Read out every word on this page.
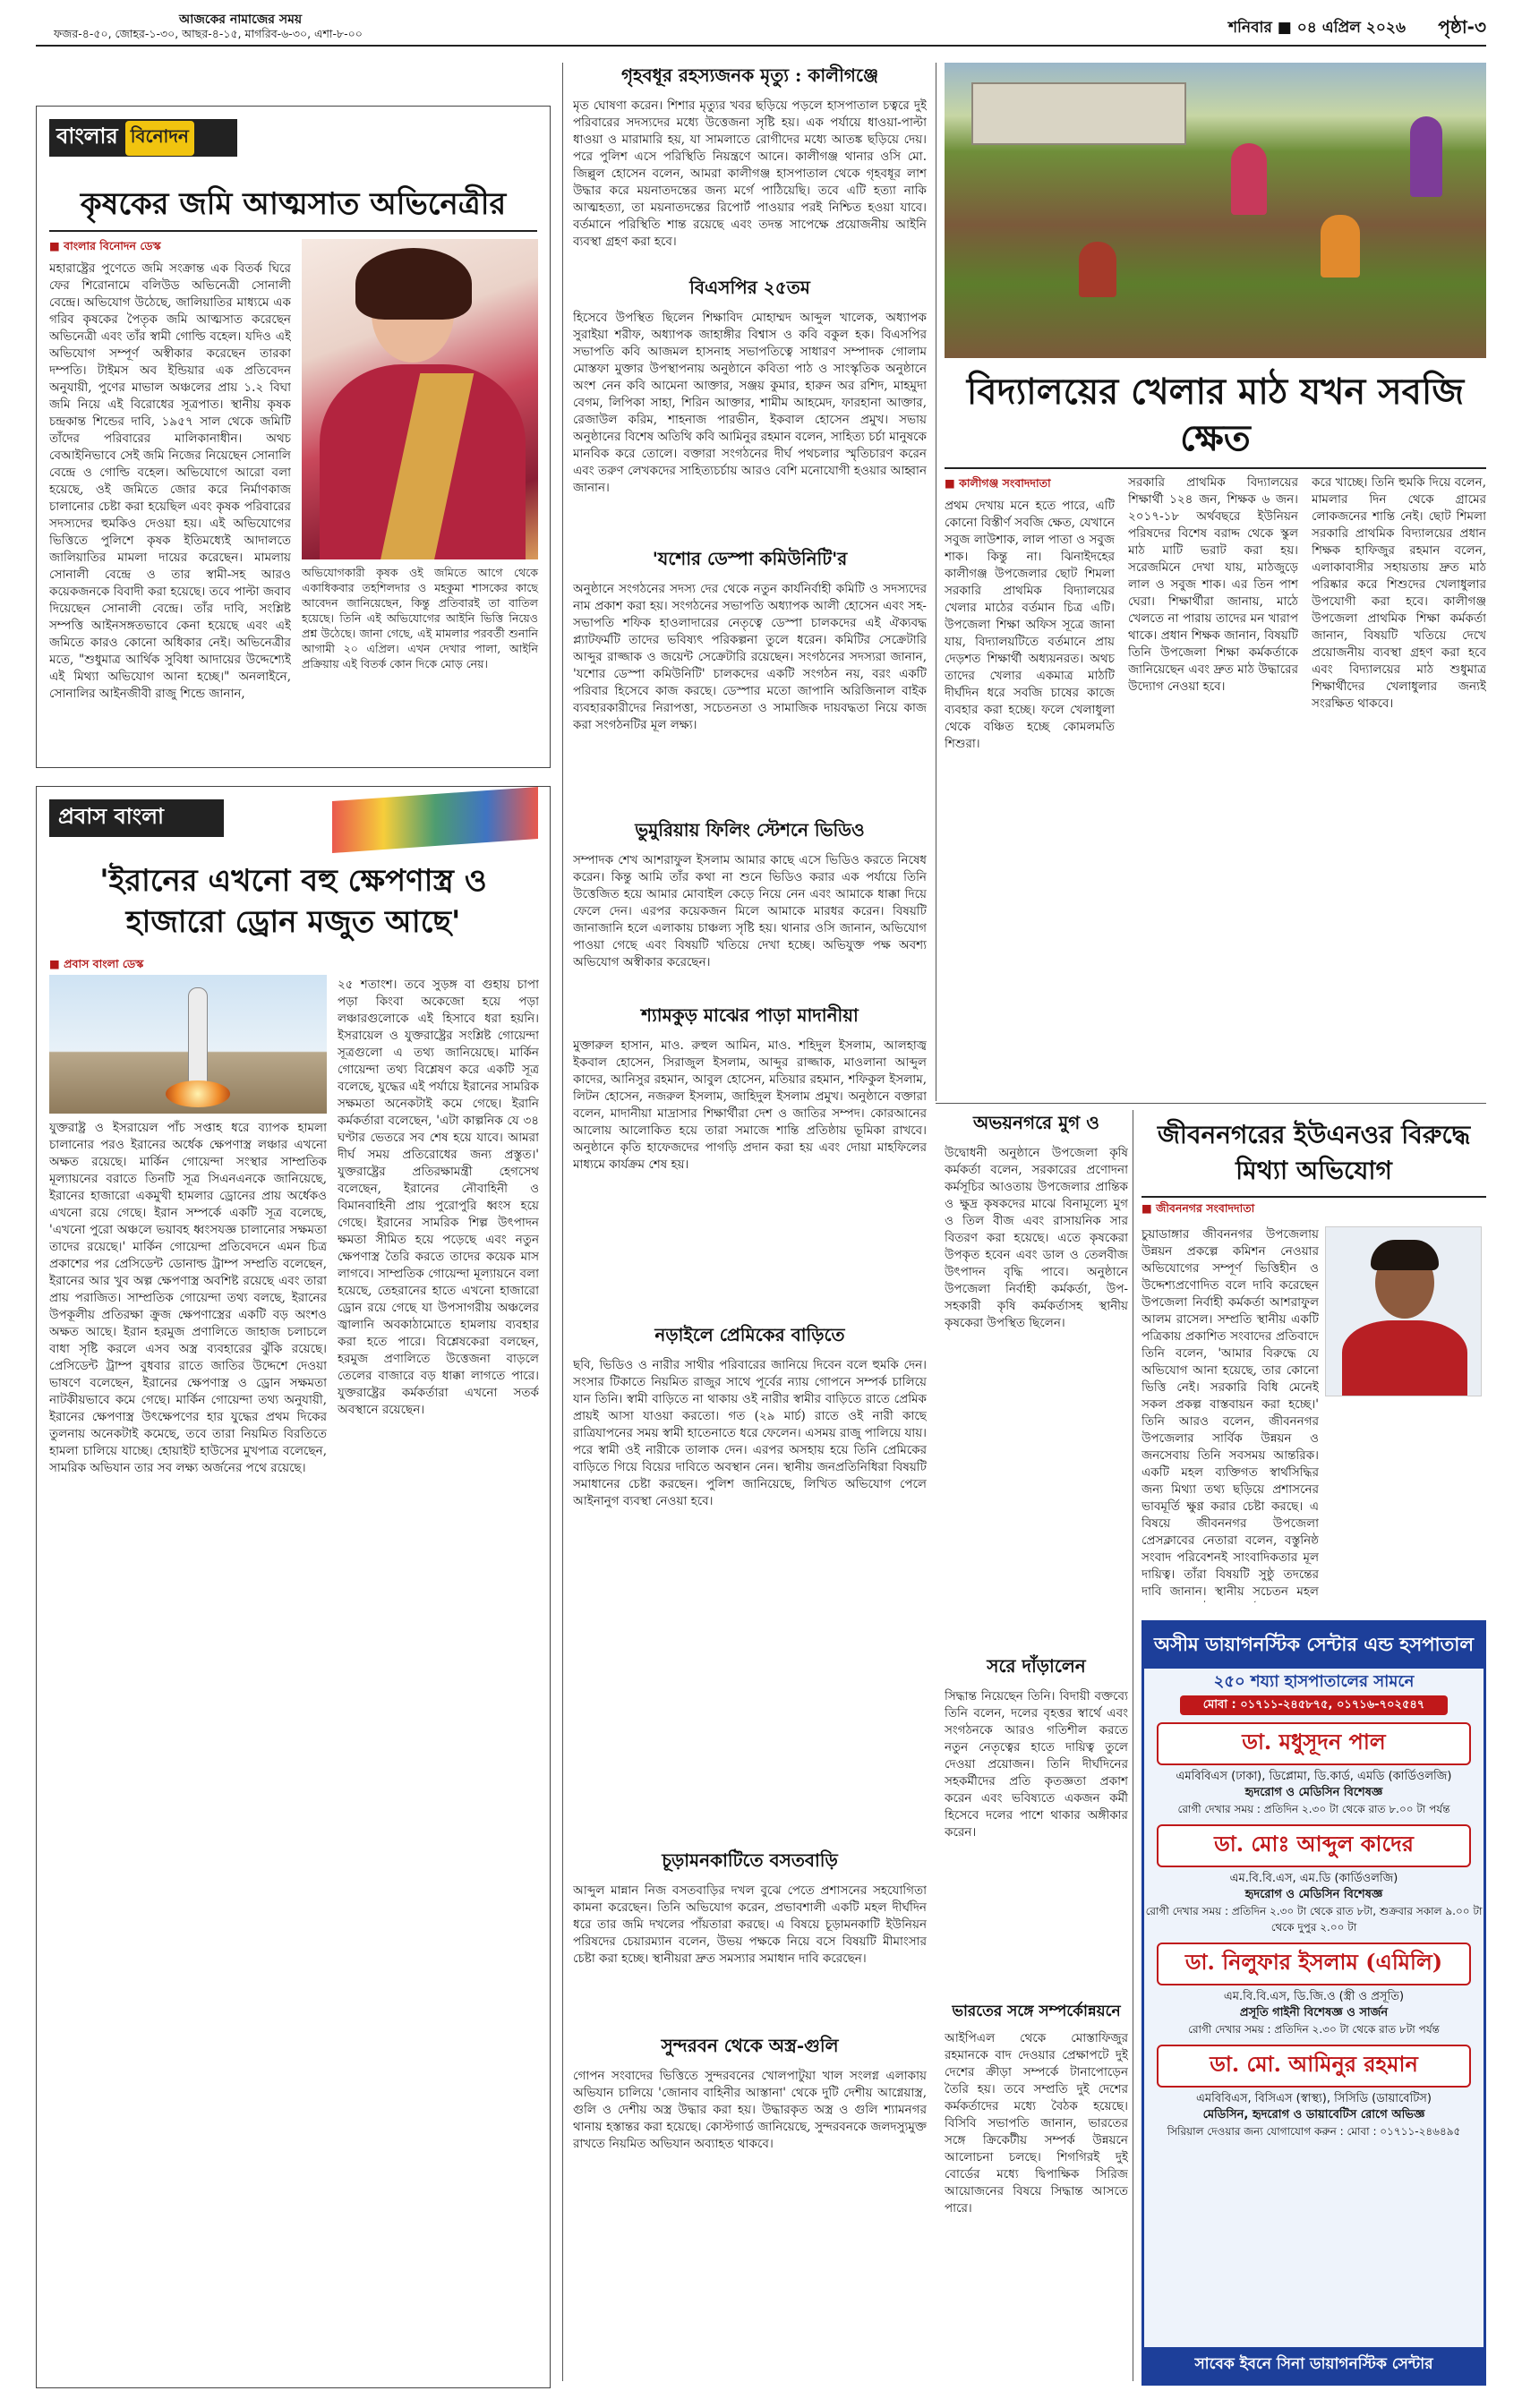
আজকের নামাজের সময়
ফজর-৪-৫০, জোহর-১-৩০, আছর-৪-১৫, মাগরিব-৬-৩০, এশা-৮-০০	শনিবার ■ ০৪ এপ্রিল ২০২৬ পৃষ্ঠা-৩
বাংলার বিনোদন
কৃষকের জমি আত্মসাত অভিনেত্রীর
■ বাংলার বিনোদন ডেস্ক
মহারাষ্ট্রের পুণেতে জমি সংক্রান্ত এক বিতর্ক ঘিরে ফের শিরোনামে বলিউড অভিনেত্রী সোনালী বেন্দ্রে। অভিযোগ উঠেছে, জালিয়াতির মাধ্যমে এক গরিব কৃষকের পৈতৃক জমি আত্মসাত করেছেন অভিনেত্রী এবং তাঁর স্বামী গোল্ডি বহেল। যদিও এই অভিযোগ সম্পূর্ণ অস্বীকার করেছেন তারকা দম্পতি। টাইমস অব ইন্ডিয়ার এক প্রতিবেদন অনুযায়ী, পুণের মাভাল অঞ্চলের প্রায় ১.২ বিঘা জমি নিয়ে এই বিরোধের সূত্রপাত। স্থানীয় কৃষক চন্দ্রকান্ত শিন্ডের দাবি, ১৯৫৭ সাল থেকে জমিটি তাঁদের পরিবারের মালিকানাধীন। অথচ বেআইনিভাবে সেই জমি নিজের নিয়েছেন সোনালি বেন্দ্রে ও গোল্ডি বহেল। অভিযোগে আরো বলা হয়েছে, ওই জমিতে জোর করে নির্মাণকাজ চালানোর চেষ্টা করা হয়েছিল এবং কৃষক পরিবারের সদস্যদের হুমকিও দেওয়া হয়। এই অভিযোগের ভিত্তিতে পুলিশে কৃষক ইতিমধ্যেই আদালতে জালিয়াতির মামলা দায়ের করেছেন। মামলায় সোনালী বেন্দ্রে ও তার স্বামী-সহ আরও কয়েকজনকে বিবাদী করা হয়েছে। তবে পাল্টা জবাব দিয়েছেন সোনালী বেন্দ্রে। তাঁর দাবি, সংশ্লিষ্ট সম্পত্তি আইনসঙ্গতভাবে কেনা হয়েছে এবং এই জমিতে কারও কোনো অধিকার নেই। অভিনেত্রীর মতে, "শুধুমাত্র আর্থিক সুবিধা আদায়ের উদ্দেশ্যেই এই মিথ্যা অভিযোগ আনা হচ্ছে।" অনলাইনে, সোনালির আইনজীবী রাজু শিন্ডে জানান,
অভিযোগকারী কৃষক ওই জমিতে আগে থেকে একাধিকবার তহশিলদার ও মহকুমা শাসকের কাছে আবেদন জানিয়েছেন, কিন্তু প্রতিবারই তা বাতিল হয়েছে। তিনি এই অভিযোগের আইনি ভিত্তি নিয়েও প্রশ্ন উঠেছে। জানা গেছে, এই মামলার পরবর্তী শুনানি আগামী ২০ এপ্রিল। এখন দেখার পালা, আইনি প্রক্রিয়ায় এই বিতর্ক কোন দিকে মোড় নেয়।
প্রবাস বাংলা
'ইরানের এখনো বহু ক্ষেপণাস্ত্র ও হাজারো ড্রোন মজুত আছে'
■ প্রবাস বাংলা ডেস্ক
যুক্তরাষ্ট্র ও ইসরায়েল পাঁচ সপ্তাহ ধরে ব্যাপক হামলা চালানোর পরও ইরানের অর্ধেক ক্ষেপণাস্ত্র লঞ্চার এখনো অক্ষত রয়েছে। মার্কিন গোয়েন্দা সংস্থার সাম্প্রতিক মূল্যায়নের বরাতে তিনটি সূত্র সিএনএনকে জানিয়েছে, ইরানের হাজারো একমুখী হামলার ড্রোনের প্রায় অর্ধেকও এখনো রয়ে গেছে। ইরান সম্পর্কে একটি সূত্র বলেছে, 'এখনো পুরো অঞ্চলে ভয়াবহ ধ্বংসযজ্ঞ চালানোর সক্ষমতা তাদের রয়েছে।' মার্কিন গোয়েন্দা প্রতিবেদনে এমন চিত্র প্রকাশের পর প্রেসিডেন্ট ডোনাল্ড ট্রাম্প সম্প্রতি বলেছেন, ইরানের আর খুব অল্প ক্ষেপণাস্ত্র অবশিষ্ট রয়েছে এবং তারা প্রায় পরাজিত। সাম্প্রতিক গোয়েন্দা তথ্য বলছে, ইরানের উপকূলীয় প্রতিরক্ষা ক্রুজ ক্ষেপণাস্ত্রের একটি বড় অংশও অক্ষত আছে। ইরান হরমুজ প্রণালিতে জাহাজ চলাচলে বাধা সৃষ্টি করলে এসব অস্ত্র ব্যবহারের ঝুঁকি রয়েছে। প্রেসিডেন্ট ট্রাম্প বুধবার রাতে জাতির উদ্দেশে দেওয়া ভাষণে বলেছেন, ইরানের ক্ষেপণাস্ত্র ও ড্রোন সক্ষমতা নাটকীয়ভাবে কমে গেছে। মার্কিন গোয়েন্দা তথ্য অনুযায়ী, ইরানের ক্ষেপণাস্ত্র উৎক্ষেপণের হার যুদ্ধের প্রথম দিকের তুলনায় অনেকটাই কমেছে, তবে তারা নিয়মিত বিরতিতে হামলা চালিয়ে যাচ্ছে। হোয়াইট হাউসের মুখপাত্র বলেছেন, সামরিক অভিযান তার সব লক্ষ্য অর্জনের পথে রয়েছে।
২৫ শতাংশ। তবে সুড়ঙ্গ বা গুহায় চাপা পড়া কিংবা অকেজো হয়ে পড়া লঞ্চারগুলোকে এই হিসাবে ধরা হয়নি। ইসরায়েল ও যুক্তরাষ্ট্রের সংশ্লিষ্ট গোয়েন্দা সূত্রগুলো এ তথ্য জানিয়েছে। মার্কিন গোয়েন্দা তথ্য বিশ্লেষণ করে একটি সূত্র বলেছে, যুদ্ধের এই পর্যায়ে ইরানের সামরিক সক্ষমতা অনেকটাই কমে গেছে। ইরানি কর্মকর্তারা বলেছেন, 'এটা কাল্পনিক যে ৩৪ ঘণ্টার ভেতরে সব শেষ হয়ে যাবে। আমরা দীর্ঘ সময় প্রতিরোধের জন্য প্রস্তুত।' যুক্তরাষ্ট্রের প্রতিরক্ষামন্ত্রী হেগসেথ বলেছেন, ইরানের নৌবাহিনী ও বিমানবাহিনী প্রায় পুরোপুরি ধ্বংস হয়ে গেছে। ইরানের সামরিক শিল্প উৎপাদন ক্ষমতা সীমিত হয়ে পড়েছে এবং নতুন ক্ষেপণাস্ত্র তৈরি করতে তাদের কয়েক মাস লাগবে। সাম্প্রতিক গোয়েন্দা মূল্যায়নে বলা হয়েছে, তেহরানের হাতে এখনো হাজারো ড্রোন রয়ে গেছে যা উপসাগরীয় অঞ্চলের জ্বালানি অবকাঠামোতে হামলায় ব্যবহার করা হতে পারে। বিশ্লেষকেরা বলছেন, হরমুজ প্রণালিতে উত্তেজনা বাড়লে তেলের বাজারে বড় ধাক্কা লাগতে পারে। যুক্তরাষ্ট্রের কর্মকর্তারা এখনো সতর্ক অবস্থানে রয়েছেন।
গৃহবধূর রহস্যজনক মৃত্যু : কালীগঞ্জে
মৃত ঘোষণা করেন। শিশার মৃত্যুর খবর ছড়িয়ে পড়লে হাসপাতাল চত্বরে দুই পরিবারের সদস্যদের মধ্যে উত্তেজনা সৃষ্টি হয়। এক পর্যায়ে ধাওয়া-পাল্টা ধাওয়া ও মারামারি হয়, যা সামলাতে রোগীদের মধ্যে আতঙ্ক ছড়িয়ে দেয়। পরে পুলিশ এসে পরিস্থিতি নিয়ন্ত্রণে আনে। কালীগঞ্জ থানার ওসি মো. জিল্লুল হোসেন বলেন, আমরা কালীগঞ্জ হাসপাতাল থেকে গৃহবধূর লাশ উদ্ধার করে ময়নাতদন্তের জন্য মর্গে পাঠিয়েছি। তবে এটি হত্যা নাকি আত্মহত্যা, তা ময়নাতদন্তের রিপোর্ট পাওয়ার পরই নিশ্চিত হওয়া যাবে। বর্তমানে পরিস্থিতি শান্ত রয়েছে এবং তদন্ত সাপেক্ষে প্রয়োজনীয় আইনি ব্যবস্থা গ্রহণ করা হবে।
বিএসপির ২৫তম
হিসেবে উপস্থিত ছিলেন শিক্ষাবিদ মোহাম্মদ আব্দুল খালেক, অধ্যাপক সুরাইয়া শরীফ, অধ্যাপক জাহাঙ্গীর বিশ্বাস ও কবি বকুল হক। বিএসপির সভাপতি কবি আজমল হাসনাহ সভাপতিত্বে সাধারণ সম্পাদক গোলাম মোস্তফা মুক্তার উপস্থাপনায় অনুষ্ঠানে কবিতা পাঠ ও সাংস্কৃতিক অনুষ্ঠানে অংশ নেন কবি আমেনা আক্তার, সঞ্জয় কুমার, হারুন অর রশিদ, মাহমুদা বেগম, লিপিকা সাহা, শিরিন আক্তার, শামীম আহমেদ, ফারহানা আক্তার, রেজাউল করিম, শাহনাজ পারভীন, ইকবাল হোসেন প্রমুখ। সভায় অনুষ্ঠানের বিশেষ অতিথি কবি আমিনুর রহমান বলেন, সাহিত্য চর্চা মানুষকে মানবিক করে তোলে। বক্তারা সংগঠনের দীর্ঘ পথচলার স্মৃতিচারণ করেন এবং তরুণ লেখকদের সাহিত্যচর্চায় আরও বেশি মনোযোগী হওয়ার আহ্বান জানান।
'যশোর ডেস্পা কমিউনিটি'র
অনুষ্ঠানে সংগঠনের সদস্য দের থেকে নতুন কার্যনির্বাহী কমিটি ও সদস্যদের নাম প্রকাশ করা হয়। সংগঠনের সভাপতি অধ্যাপক আলী হোসেন এবং সহ-সভাপতি শফিক হাওলাদারের নেতৃত্বে ডেস্পা চালকদের এই ঐক্যবদ্ধ প্ল্যাটফর্মটি তাদের ভবিষ্যৎ পরিকল্পনা তুলে ধরেন। কমিটির সেক্রেটারি আব্দুর রাজ্জাক ও জয়েন্ট সেক্রেটারি রয়েছেন। সংগঠনের সদস্যরা জানান, 'যশোর ডেস্পা কমিউনিটি' চালকদের একটি সংগঠন নয়, বরং একটি পরিবার হিসেবে কাজ করছে। ডেস্পার মতো জাপানি অরিজিনাল বাইক ব্যবহারকারীদের নিরাপত্তা, সচেতনতা ও সামাজিক দায়বদ্ধতা নিয়ে কাজ করা সংগঠনটির মূল লক্ষ্য।
ভুমুরিয়ায় ফিলিং স্টেশনে ভিডিও
সম্পাদক শেখ আশরাফুল ইসলাম আমার কাছে এসে ভিডিও করতে নিষেধ করেন। কিন্তু আমি তাঁর কথা না শুনে ভিডিও করার এক পর্যায়ে তিনি উত্তেজিত হয়ে আমার মোবাইল কেড়ে নিয়ে নেন এবং আমাকে ধাক্কা দিয়ে ফেলে দেন। এরপর কয়েকজন মিলে আমাকে মারধর করেন। বিষয়টি জানাজানি হলে এলাকায় চাঞ্চল্য সৃষ্টি হয়। থানার ওসি জানান, অভিযোগ পাওয়া গেছে এবং বিষয়টি খতিয়ে দেখা হচ্ছে। অভিযুক্ত পক্ষ অবশ্য অভিযোগ অস্বীকার করেছেন।
শ্যামকুড় মাঝের পাড়া মাদানীয়া
মুক্তারুল হাসান, মাও. রুহুল আমিন, মাও. শহিদুল ইসলাম, আলহাজ্ব ইকবাল হোসেন, সিরাজুল ইসলাম, আব্দুর রাজ্জাক, মাওলানা আব্দুল কাদের, আনিসুর রহমান, আবুল হোসেন, মতিয়ার রহমান, শফিকুল ইসলাম, লিটন হোসেন, নজরুল ইসলাম, জাহিদুল ইসলাম প্রমুখ। অনুষ্ঠানে বক্তারা বলেন, মাদানীয়া মাদ্রাসার শিক্ষার্থীরা দেশ ও জাতির সম্পদ। কোরআনের আলোয় আলোকিত হয়ে তারা সমাজে শান্তি প্রতিষ্ঠায় ভূমিকা রাখবে। অনুষ্ঠানে কৃতি হাফেজদের পাগড়ি প্রদান করা হয় এবং দোয়া মাহফিলের মাধ্যমে কার্যক্রম শেষ হয়।
নড়াইলে প্রেমিকের বাড়িতে
ছবি, ভিডিও ও নারীর সাথীর পরিবারের জানিয়ে দিবেন বলে হুমকি দেন। সংসার টিকাতে নিয়মিত রাজুর সাথে পূর্বের ন্যায় গোপনে সম্পর্ক চালিয়ে যান তিনি। স্বামী বাড়িতে না থাকায় ওই নারীর স্বামীর বাড়িতে রাতে প্রেমিক প্রায়ই আসা যাওয়া করতো। গত (২৯ মার্চ) রাতে ওই নারী কাছে রাত্রিযাপনের সময় স্বামী হাতেনাতে ধরে ফেলেন। এসময় রাজু পালিয়ে যায়। পরে স্বামী ওই নারীকে তালাক দেন। এরপর অসহায় হয়ে তিনি প্রেমিকের বাড়িতে গিয়ে বিয়ের দাবিতে অবস্থান নেন। স্থানীয় জনপ্রতিনিধিরা বিষয়টি সমাধানের চেষ্টা করছেন। পুলিশ জানিয়েছে, লিখিত অভিযোগ পেলে আইনানুগ ব্যবস্থা নেওয়া হবে।
চূড়ামনকাটিতে বসতবাড়ি
আব্দুল মান্নান নিজ বসতবাড়ির দখল বুঝে পেতে প্রশাসনের সহযোগিতা কামনা করেছেন। তিনি অভিযোগ করেন, প্রভাবশালী একটি মহল দীর্ঘদিন ধরে তার জমি দখলের পাঁয়তারা করছে। এ বিষয়ে চূড়ামনকাটি ইউনিয়ন পরিষদের চেয়ারম্যান বলেন, উভয় পক্ষকে নিয়ে বসে বিষয়টি মীমাংসার চেষ্টা করা হচ্ছে। স্থানীয়রা দ্রুত সমস্যার সমাধান দাবি করেছেন।
সুন্দরবন থেকে অস্ত্র-গুলি
গোপন সংবাদের ভিত্তিতে সুন্দরবনের খোলপাটুয়া খাল সংলগ্ন এলাকায় অভিযান চালিয়ে 'জোনাব বাহিনীর আস্তানা' থেকে দুটি দেশীয় আগ্নেয়াস্ত্র, গুলি ও দেশীয় অস্ত্র উদ্ধার করা হয়। উদ্ধারকৃত অস্ত্র ও গুলি শ্যামনগর থানায় হস্তান্তর করা হয়েছে। কোস্টগার্ড জানিয়েছে, সুন্দরবনকে জলদস্যুমুক্ত রাখতে নিয়মিত অভিযান অব্যাহত থাকবে।
বিদ্যালয়ের খেলার মাঠ যখন সবজি ক্ষেত
■ কালীগঞ্জ সংবাদদাতা
প্রথম দেখায় মনে হতে পারে, এটি কোনো বিস্তীর্ণ সবজি ক্ষেত, যেখানে সবুজ লাউশাক, লাল পাতা ও সবুজ শাক। কিন্তু না। ঝিনাইদহের কালীগঞ্জ উপজেলার ছোট শিমলা সরকারি প্রাথমিক বিদ্যালয়ের খেলার মাঠের বর্তমান চিত্র এটি। উপজেলা শিক্ষা অফিস সূত্রে জানা যায়, বিদ্যালয়টিতে বর্তমানে প্রায় দেড়শত শিক্ষার্থী অধ্যয়নরত। অথচ তাদের খেলার একমাত্র মাঠটি দীর্ঘদিন ধরে সবজি চাষের কাজে ব্যবহার করা হচ্ছে। ফলে খেলাধুলা থেকে বঞ্চিত হচ্ছে কোমলমতি শিশুরা।
সরকারি প্রাথমিক বিদ্যালয়ের শিক্ষার্থী ১২৪ জন, শিক্ষক ৬ জন। ২০১৭-১৮ অর্থবছরে ইউনিয়ন পরিষদের বিশেষ বরাদ্দ থেকে স্কুল মাঠ মাটি ভরাট করা হয়। সরেজমিনে দেখা যায়, মাঠজুড়ে লাল ও সবুজ শাক। এর তিন পাশ ঘেরা। শিক্ষার্থীরা জানায়, মাঠে খেলতে না পারায় তাদের মন খারাপ থাকে। প্রধান শিক্ষক জানান, বিষয়টি তিনি উপজেলা শিক্ষা কর্মকর্তাকে জানিয়েছেন এবং দ্রুত মাঠ উদ্ধারের উদ্যোগ নেওয়া হবে।
করে খাচ্ছে। তিনি হুমকি দিয়ে বলেন, মামলার দিন থেকে গ্রামের লোকজনের শান্তি নেই। ছোট শিমলা সরকারি প্রাথমিক বিদ্যালয়ের প্রধান শিক্ষক হাফিজুর রহমান বলেন, এলাকাবাসীর সহায়তায় দ্রুত মাঠ পরিষ্কার করে শিশুদের খেলাধুলার উপযোগী করা হবে। কালীগঞ্জ উপজেলা প্রাথমিক শিক্ষা কর্মকর্তা জানান, বিষয়টি খতিয়ে দেখে প্রয়োজনীয় ব্যবস্থা গ্রহণ করা হবে এবং বিদ্যালয়ের মাঠ শুধুমাত্র শিক্ষার্থীদের খেলাধুলার জন্যই সংরক্ষিত থাকবে।
অভয়নগরে মুগ ও
উদ্বোধনী অনুষ্ঠানে উপজেলা কৃষি কর্মকর্তা বলেন, সরকারের প্রণোদনা কর্মসূচির আওতায় উপজেলার প্রান্তিক ও ক্ষুদ্র কৃষকদের মাঝে বিনামূল্যে মুগ ও তিল বীজ এবং রাসায়নিক সার বিতরণ করা হয়েছে। এতে কৃষকেরা উপকৃত হবেন এবং ডাল ও তেলবীজ উৎপাদন বৃদ্ধি পাবে। অনুষ্ঠানে উপজেলা নির্বাহী কর্মকর্তা, উপ-সহকারী কৃষি কর্মকর্তাসহ স্থানীয় কৃষকেরা উপস্থিত ছিলেন।
সরে দাঁড়ালেন
সিদ্ধান্ত নিয়েছেন তিনি। বিদায়ী বক্তব্যে তিনি বলেন, দলের বৃহত্তর স্বার্থে এবং সংগঠনকে আরও গতিশীল করতে নতুন নেতৃত্বের হাতে দায়িত্ব তুলে দেওয়া প্রয়োজন। তিনি দীর্ঘদিনের সহকর্মীদের প্রতি কৃতজ্ঞতা প্রকাশ করেন এবং ভবিষ্যতে একজন কর্মী হিসেবে দলের পাশে থাকার অঙ্গীকার করেন।
ভারতের সঙ্গে সম্পর্কোন্নয়নে
আইপিএল থেকে মোস্তাফিজুর রহমানকে বাদ দেওয়ার প্রেক্ষাপটে দুই দেশের ক্রীড়া সম্পর্কে টানাপোড়েন তৈরি হয়। তবে সম্প্রতি দুই দেশের কর্মকর্তাদের মধ্যে বৈঠক হয়েছে। বিসিবি সভাপতি জানান, ভারতের সঙ্গে ক্রিকেটীয় সম্পর্ক উন্নয়নে আলোচনা চলছে। শিগগিরই দুই বোর্ডের মধ্যে দ্বিপাক্ষিক সিরিজ আয়োজনের বিষয়ে সিদ্ধান্ত আসতে পারে।
জীবননগরের ইউএনওর বিরুদ্ধে মিথ্যা অভিযোগ
■ জীবননগর সংবাদদাতা
চুয়াডাঙ্গার জীবননগর উপজেলায় উন্নয়ন প্রকল্পে কমিশন নেওয়ার অভিযোগের সম্পূর্ণ ভিত্তিহীন ও উদ্দেশ্যপ্রণোদিত বলে দাবি করেছেন উপজেলা নির্বাহী কর্মকর্তা আশরাফুল আলম রাসেল। সম্প্রতি স্থানীয় একটি পত্রিকায় প্রকাশিত সংবাদের প্রতিবাদে তিনি বলেন, 'আমার বিরুদ্ধে যে অভিযোগ আনা হয়েছে, তার কোনো ভিত্তি নেই। সরকারি বিধি মেনেই সকল প্রকল্প বাস্তবায়ন করা হচ্ছে।' তিনি আরও বলেন, জীবননগর উপজেলার সার্বিক উন্নয়ন ও জনসেবায় তিনি সবসময় আন্তরিক। একটি মহল ব্যক্তিগত স্বার্থসিদ্ধির জন্য মিথ্যা তথ্য ছড়িয়ে প্রশাসনের ভাবমূর্তি ক্ষুণ্ণ করার চেষ্টা করছে। এ বিষয়ে জীবননগর উপজেলা প্রেসক্লাবের নেতারা বলেন, বস্তুনিষ্ঠ সংবাদ পরিবেশনই সাংবাদিকতার মূল দায়িত্ব। তাঁরা বিষয়টি সুষ্ঠু তদন্তের দাবি জানান। স্থানীয় সচেতন মহল
অসীম ডায়াগনস্টিক সেন্টার এন্ড হসপাতাল
২৫০ শয্যা হাসপাতালের সামনে
মোবা : ০১৭১১-২৪৫৮৭৫, ০১৭১৬-৭০২৫৪৭
ডা. মধুসূদন পাল
এমবিবিএস (ঢাকা), ডিপ্লোমা, ডি.কার্ড, এমডি (কার্ডিওলজি)
হৃদরোগ ও মেডিসিন বিশেষজ্ঞ
রোগী দেখার সময় : প্রতিদিন ২.৩০ টা থেকে রাত ৮.০০ টা পর্যন্ত
ডা. মোঃ আব্দুল কাদের
এম.বি.বি.এস, এম.ডি (কার্ডিওলজি)
হৃদরোগ ও মেডিসিন বিশেষজ্ঞ
রোগী দেখার সময় : প্রতিদিন ২.৩০ টা থেকে রাত ৮টা, শুক্রবার সকাল ৯.০০ টা থেকে দুপুর ২.০০ টা
ডা. নিলুফার ইসলাম (এমিলি)
এম.বি.বি.এস, ডি.জি.ও (স্ত্রী ও প্রসূতি)
প্রসূতি গাইনী বিশেষজ্ঞ ও সার্জন
রোগী দেখার সময় : প্রতিদিন ২.৩০ টা থেকে রাত ৮টা পর্যন্ত
ডা. মো. আমিনুর রহমান
এমবিবিএস, বিসিএস (স্বাস্থ্য), সিসিডি (ডায়াবেটিস)
মেডিসিন, হৃদরোগ ও ডায়াবেটিস রোগে অভিজ্ঞ
সিরিয়াল দেওয়ার জন্য যোগাযোগ করুন : মোবা : ০১৭১১-২৪৬৪৯৫
সাবেক ইবনে সিনা ডায়াগনস্টিক সেন্টার
